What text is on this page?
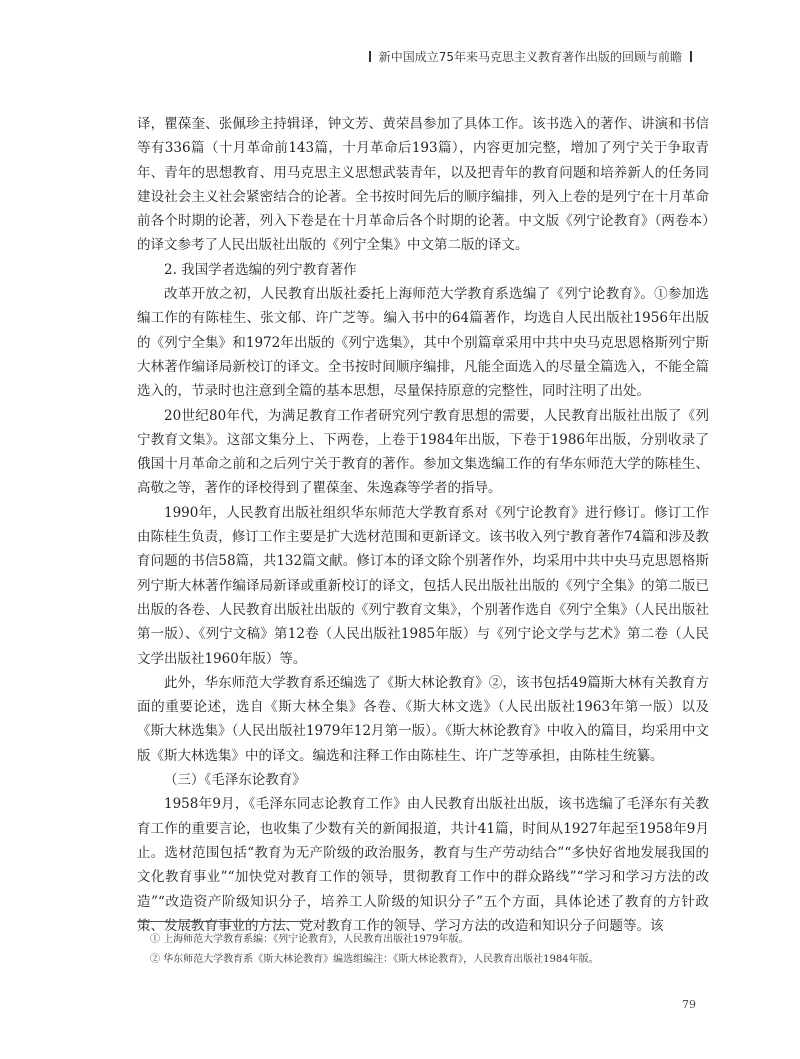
新中国成立75年来马克思主义教育著作出版的回顾与前瞻

译，瞿葆奎、张佩珍主持辑译，钟文芳、黄荣昌参加了具体工作。该书选入的著作、讲演和书信等有336篇（十月革命前143篇，十月革命后193篇），内容更加完整，增加了列宁关于争取青年、青年的思想教育、用马克思主义思想武装青年，以及把青年的教育问题和培养新人的任务同建设社会主义社会紧密结合的论著。全书按时间先后的顺序编排，列入上卷的是列宁在十月革命前各个时期的论著，列入下卷是在十月革命后各个时期的论著。中文版《列宁论教育》（两卷本）的译文参考了人民出版社出版的《列宁全集》中文第二版的译文。

2. 我国学者选编的列宁教育著作

改革开放之初，人民教育出版社委托上海师范大学教育系选编了《列宁论教育》。①参加选编工作的有陈桂生、张文郁、许广芝等。编入书中的64篇著作，均选自人民出版社1956年出版的《列宁全集》和1972年出版的《列宁选集》，其中个别篇章采用中共中央马克思恩格斯列宁斯大林著作编译局新校订的译文。全书按时间顺序编排，凡能全面选入的尽量全篇选入，不能全篇选入的，节录时也注意到全篇的基本思想，尽量保持原意的完整性，同时注明了出处。

20世纪80年代，为满足教育工作者研究列宁教育思想的需要，人民教育出版社出版了《列宁教育文集》。这部文集分上、下两卷，上卷于1984年出版，下卷于1986年出版，分别收录了俄国十月革命之前和之后列宁关于教育的著作。参加文集选编工作的有华东师范大学的陈桂生、高敬之等，著作的译校得到了瞿葆奎、朱逸森等学者的指导。

1990年，人民教育出版社组织华东师范大学教育系对《列宁论教育》进行修订。修订工作由陈桂生负责，修订工作主要是扩大选材范围和更新译文。该书收入列宁教育著作74篇和涉及教育问题的书信58篇，共132篇文献。修订本的译文除个别著作外，均采用中共中央马克思恩格斯列宁斯大林著作编译局新译或重新校订的译文，包括人民出版社出版的《列宁全集》的第二版已出版的各卷、人民教育出版社出版的《列宁教育文集》，个别著作选自《列宁全集》（人民出版社第一版）、《列宁文稿》第12卷（人民出版社1985年版）与《列宁论文学与艺术》第二卷（人民文学出版社1960年版）等。

此外，华东师范大学教育系还编选了《斯大林论教育》②，该书包括49篇斯大林有关教育方面的重要论述，选自《斯大林全集》各卷、《斯大林文选》（人民出版社1963年第一版）以及《斯大林选集》（人民出版社1979年12月第一版）。《斯大林论教育》中收入的篇目，均采用中文版《斯大林选集》中的译文。编选和注释工作由陈桂生、许广芝等承担，由陈桂生统纂。

（三）《毛泽东论教育》

1958年9月，《毛泽东同志论教育工作》由人民教育出版社出版，该书选编了毛泽东有关教育工作的重要言论，也收集了少数有关的新闻报道，共计41篇，时间从1927年起至1958年9月止。选材范围包括“教育为无产阶级的政治服务，教育与生产劳动结合”“多快好省地发展我国的文化教育事业”“加快党对教育工作的领导，贯彻教育工作中的群众路线”“学习和学习方法的改造”“改造资产阶级知识分子，培养工人阶级的知识分子”五个方面，具体论述了教育的方针政策、发展教育事业的方法、党对教育工作的领导、学习方法的改造和知识分子问题等。该

① 上海师范大学教育系编：《列宁论教育》，人民教育出版社1979年版。
② 华东师范大学教育系《斯大林论教育》编选组编注：《斯大林论教育》，人民教育出版社1984年版。
79
